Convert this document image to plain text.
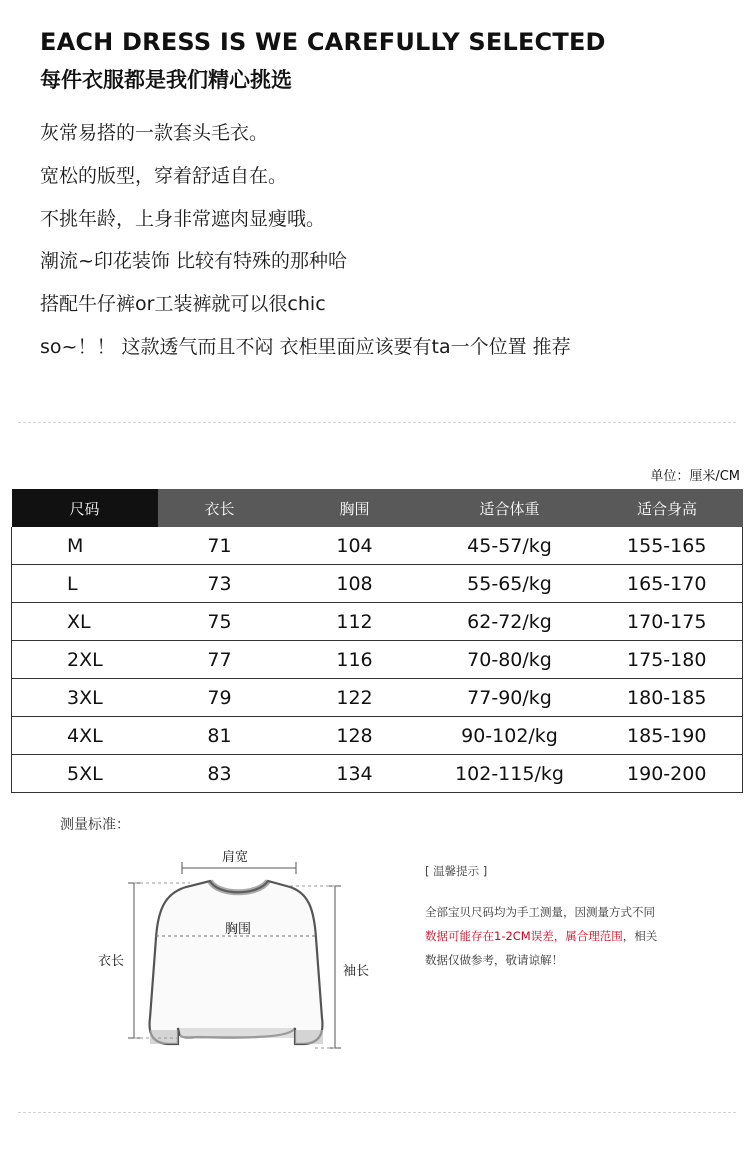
EACH DRESS IS WE CAREFULLY SELECTED
每件衣服都是我们精心挑选
灰常易搭的一款套头毛衣。
宽松的版型，穿着舒适自在。
不挑年龄，上身非常遮肉显瘦哦。
潮流~印花装饰 比较有特殊的那种哈
搭配牛仔裤or工装裤就可以很chic
so~！！ 这款透气而且不闷 衣柜里面应该要有ta一个位置 推荐
单位：厘米/CM
尺码	衣长	胸围	适合体重	适合身高
M	71	104	45-57/kg	155-165
L	73	108	55-65/kg	165-170
XL	75	112	62-72/kg	170-175
2XL	77	116	70-80/kg	175-180
3XL	79	122	77-90/kg	180-185
4XL	81	128	90-102/kg	185-190
5XL	83	134	102-115/kg	190-200
测量标准：
肩宽
胸围
衣长
袖长
[ 温馨提示 ]
全部宝贝尺码均为手工测量，因测量方式不同
数据可能存在1-2CM误差，属合理范围，相关
数据仅做参考，敬请谅解！
